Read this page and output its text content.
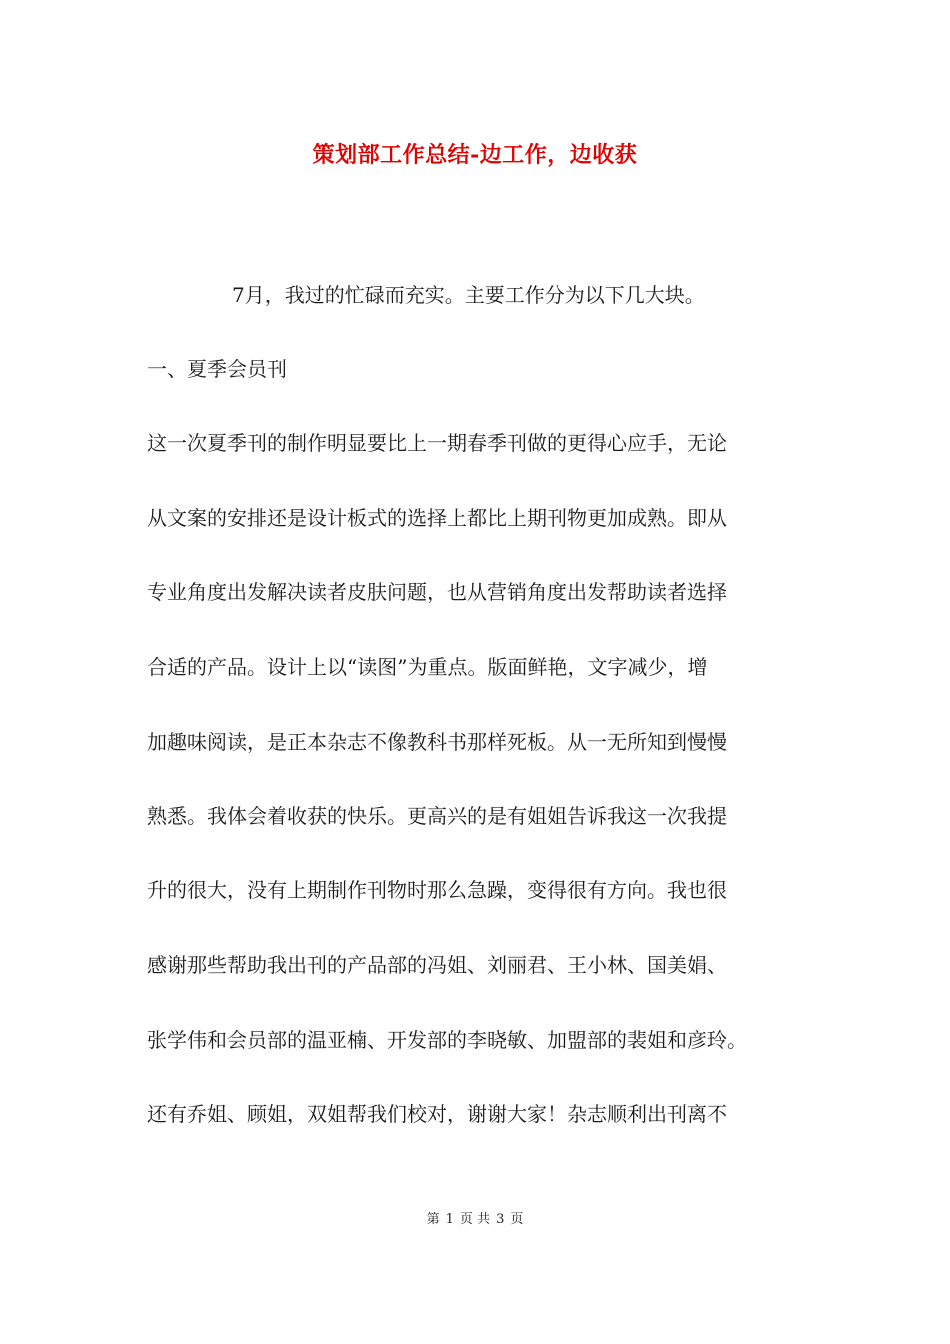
策划部工作总结-边工作，边收获
7月，我过的忙碌而充实。主要工作分为以下几大块。
一、夏季会员刊
这一次夏季刊的制作明显要比上一期春季刊做的更得心应手，无论
从文案的安排还是设计板式的选择上都比上期刊物更加成熟。即从
专业角度出发解决读者皮肤问题，也从营销角度出发帮助读者选择
合适的产品。设计上以“读图”为重点。版面鲜艳，文字减少，增
加趣味阅读，是正本杂志不像教科书那样死板。从一无所知到慢慢
熟悉。我体会着收获的快乐。更高兴的是有姐姐告诉我这一次我提
升的很大，没有上期制作刊物时那么急躁，变得很有方向。我也很
感谢那些帮助我出刊的产品部的冯姐、刘丽君、王小林、国美娟、
张学伟和会员部的温亚楠、开发部的李晓敏、加盟部的裴姐和彦玲。
还有乔姐、顾姐，双姐帮我们校对，谢谢大家！杂志顺利出刊离不
第 1 页 共 3 页
